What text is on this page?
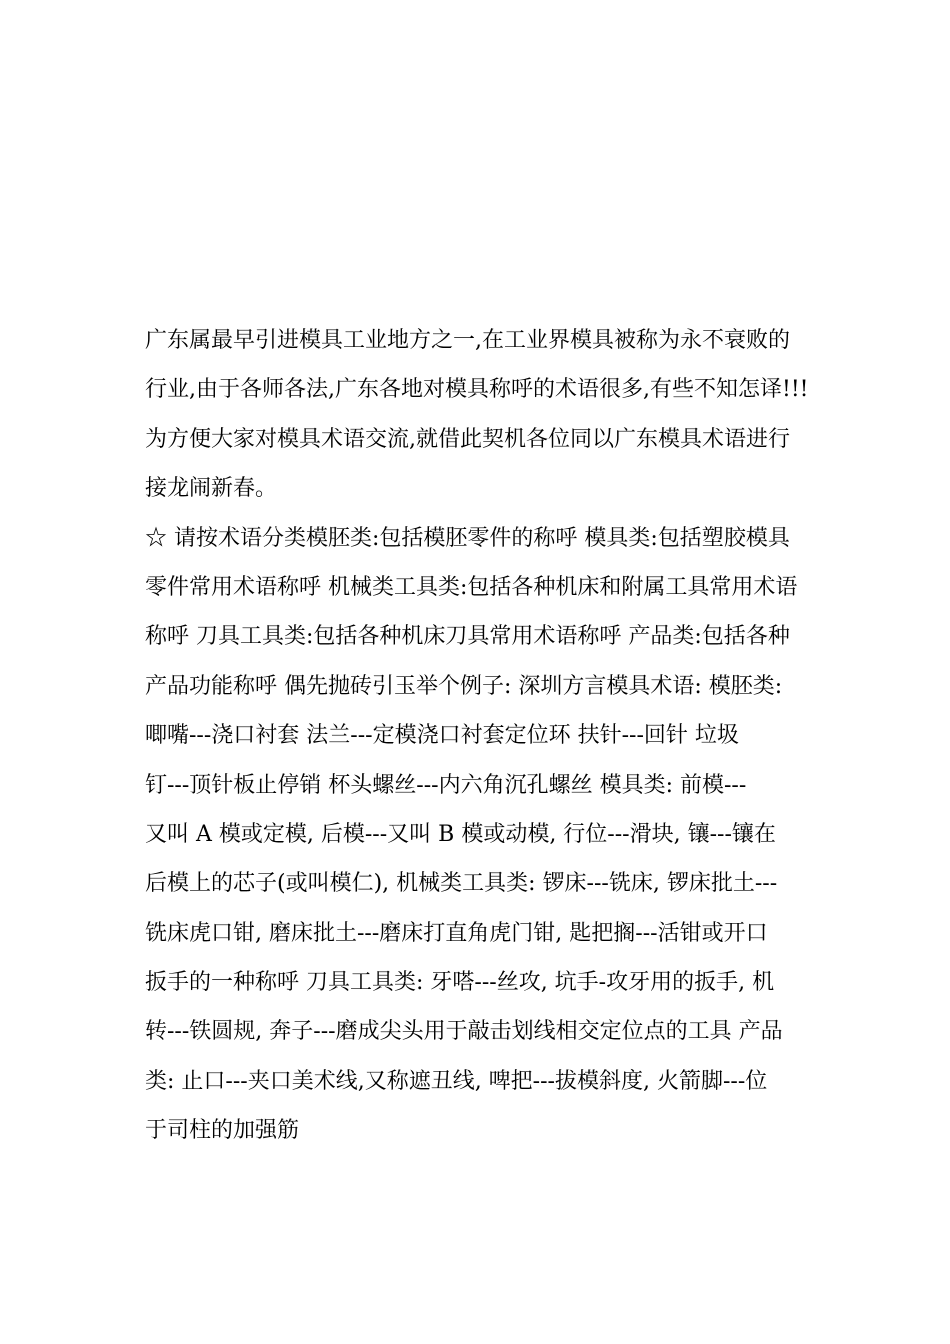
广东属最早引进模具工业地方之一,在工业界模具被称为永不衰败的
行业,由于各师各法,广东各地对模具称呼的术语很多,有些不知怎译!!!
为方便大家对模具术语交流,就借此契机各位同以广东模具术语进行
接龙闹新春。
☆ 请按术语分类模胚类:包括模胚零件的称呼 模具类:包括塑胶模具
零件常用术语称呼 机械类工具类:包括各种机床和附属工具常用术语
称呼 刀具工具类:包括各种机床刀具常用术语称呼 产品类:包括各种
产品功能称呼 偶先抛砖引玉举个例子: 深圳方言模具术语: 模胚类:
唧嘴---浇口衬套 法兰---定模浇口衬套定位环 扶针---回针 垃圾
钉---顶针板止停销 杯头螺丝---内六角沉孔螺丝 模具类: 前模---
又叫 A 模或定模, 后模---又叫 B 模或动模, 行位---滑块, 镶---镶在
后模上的芯子(或叫模仁), 机械类工具类: 锣床---铣床, 锣床批土---
铣床虎口钳, 磨床批土---磨床打直角虎门钳, 匙把搁---活钳或开口
扳手的一种称呼 刀具工具类: 牙嗒---丝攻, 坑手-攻牙用的扳手, 机
转---铁圆规, 奔子---磨成尖头用于敲击划线相交定位点的工具 产品
类: 止口---夹口美术线,又称遮丑线, 啤把---拔模斜度, 火箭脚---位
于司柱的加强筋
